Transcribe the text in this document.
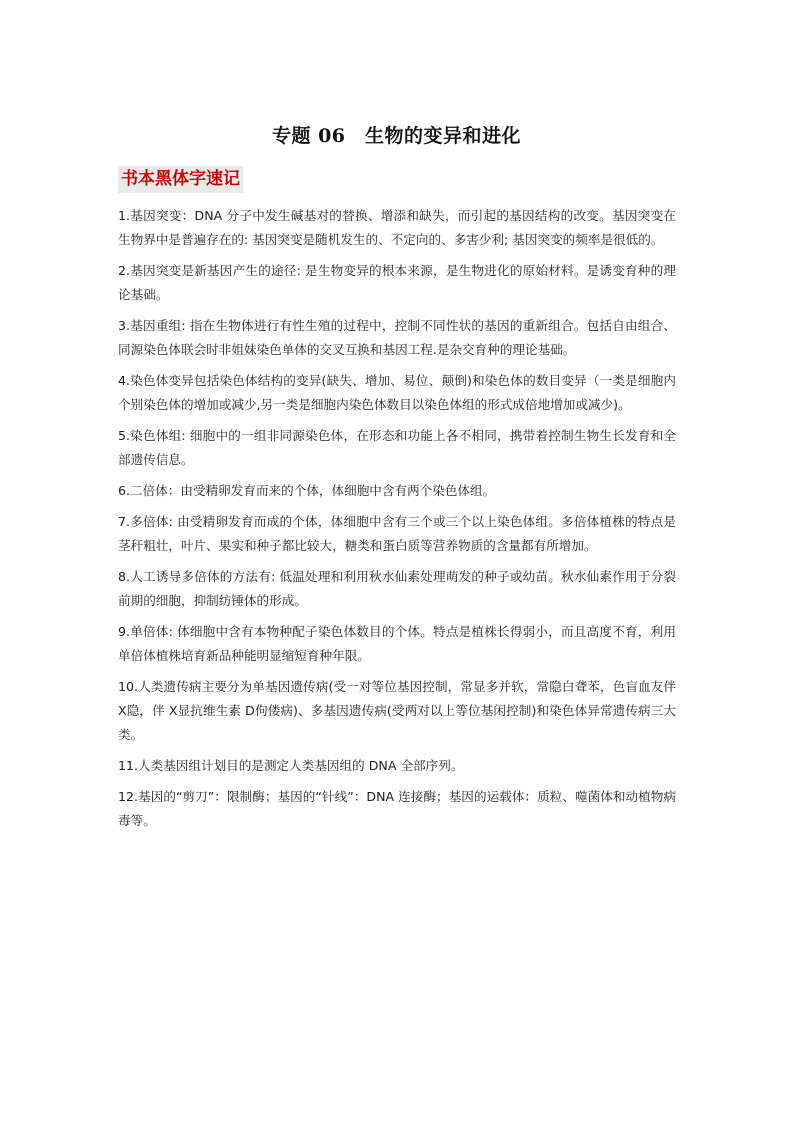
专题 06　生物的变异和进化
书本黑体字速记

1.基因突变：DNA 分子中发生碱基对的替换、增添和缺失，而引起的基因结构的改变。基因突变在生物界中是普遍存在的: 基因突变是随机发生的、不定向的、多害少利; 基因突变的频率是很低的。

2.基因突变是新基因产生的途径: 是生物变异的根本来源，是生物进化的原始材料。是诱变育种的理论基础。

3.基因重组: 指在生物体进行有性生殖的过程中，控制不同性状的基因的重新组合。包括自由组合、同源染色体联会时非姐妹染色单体的交叉互换和基因工程.是杂交育种的理论基础。

4.染色体变异包括染色体结构的变异(缺失、增加、易位、颠倒)和染色体的数目变异（一类是细胞内个别染色体的增加或减少,另一类是细胞内染色体数目以染色体组的形式成倍地增加或减少)。

5.染色体组: 细胞中的一组非同源染色体，在形态和功能上各不相同，携带着控制生物生长发育和全部遗传信息。

6.二倍体：由受精卵发育而来的个体，体细胞中含有两个染色体组。

7.多倍体: 由受精卵发育而成的个体，体细胞中含有三个或三个以上染色体组。多倍体植株的特点是茎秆粗壮，叶片、果实和种子都比较大，糖类和蛋白质等营养物质的含量都有所增加。

8.人工诱导多倍体的方法有: 低温处理和利用秋水仙素处理萌发的种子或幼苗。秋水仙素作用于分裂前期的细胞，抑制纺锤体的形成。

9.单倍体: 体细胞中含有本物种配子染色体数目的个体。特点是植株长得弱小，而且高度不育，利用单倍体植株培育新品种能明显缩短育种年限。

10.人类遗传病主要分为单基因遗传病(受一对等位基因控制，常显多并软，常隐白聋苯，色盲血友伴 X隐，伴 X显抗维生素 D佝偻病)、多基因遗传病(受两对以上等位基闲控制)和染色体异常遗传病三大类。

11.人类基因组计划目的是测定人类基因组的 DNA 全部序列。

12.基因的“剪刀”：限制酶；基因的“针线”：DNA 连接酶；基因的运载体：质粒、噬菌体和动植物病毒等。
